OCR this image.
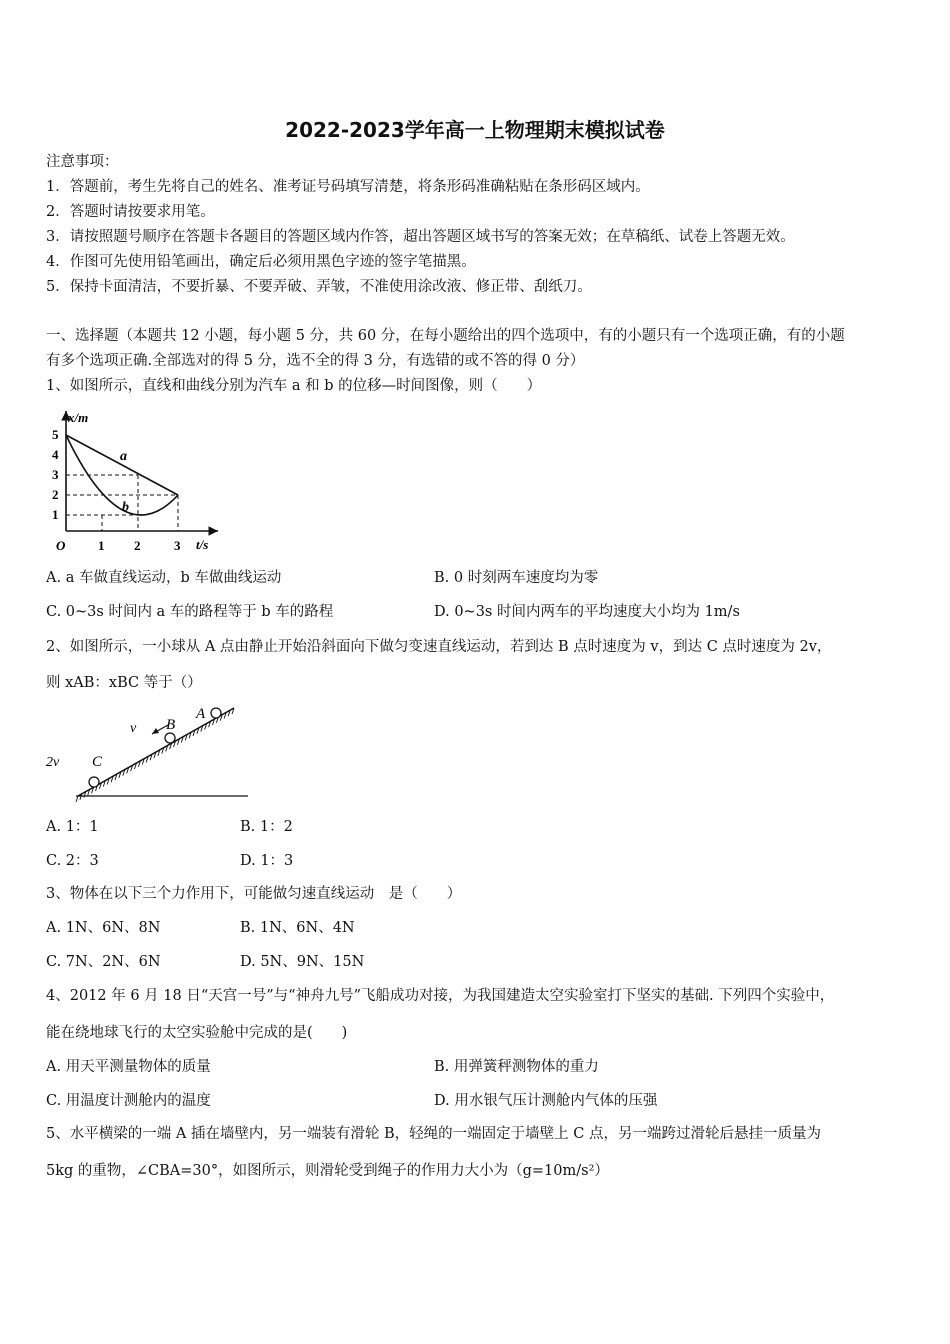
2022-2023学年高一上物理期末模拟试卷
注意事项：
1．答题前，考生先将自己的姓名、准考证号码填写清楚，将条形码准确粘贴在条形码区域内。
2．答题时请按要求用笔。
3．请按照题号顺序在答题卡各题目的答题区域内作答，超出答题区域书写的答案无效；在草稿纸、试卷上答题无效。
4．作图可先使用铅笔画出，确定后必须用黑色字迹的签字笔描黑。
5．保持卡面清洁，不要折暴、不要弄破、弄皱，不准使用涂改液、修正带、刮纸刀。
一、选择题（本题共 12 小题，每小题 5 分，共 60 分，在每小题给出的四个选项中，有的小题只有一个选项正确，有的小题
有多个选项正确.全部选对的得 5 分，选不全的得 3 分，有选错的或不答的得 0 分）
1、如图所示，直线和曲线分别为汽车 a 和 b 的位移—时间图像，则（　　）
x/m
t/s
O
5
4
3
2
1
1 2	3
a
b
A. a 车做直线运动，b 车做曲线运动	B. 0 时刻两车速度均为零
C. 0~3s 时间内 a 车的路程等于 b 车的路程	D. 0~3s 时间内两车的平均速度大小均为 1m/s
2、如图所示，一小球从 A 点由静止开始沿斜面向下做匀变速直线运动，若到达 B 点时速度为 v，到达 C 点时速度为 2v，
则 xAB：xBC 等于（）
A
B
v
C
2v
A. 1：1	B. 1：2
C. 2：3	D. 1：3
3、物体在以下三个力作用下，可能做匀速直线运动　是（　　）
A. 1N、6N、8N	B. 1N、6N、4N
C. 7N、2N、6N	D. 5N、9N、15N
4、2012 年 6 月 18 日“天宫一号”与“神舟九号”飞船成功对接，为我国建造太空实验室打下坚实的基础. 下列四个实验中，
能在绕地球飞行的太空实验舱中完成的是(　　)
A. 用天平测量物体的质量	B. 用弹簧秤测物体的重力
C. 用温度计测舱内的温度	D. 用水银气压计测舱内气体的压强
5、水平横梁的一端 A 插在墙壁内，另一端装有滑轮 B，轻绳的一端固定于墙壁上 C 点，另一端跨过滑轮后悬挂一质量为
5kg 的重物，∠CBA=30°，如图所示，则滑轮受到绳子的作用力大小为（g=10m/s²）
